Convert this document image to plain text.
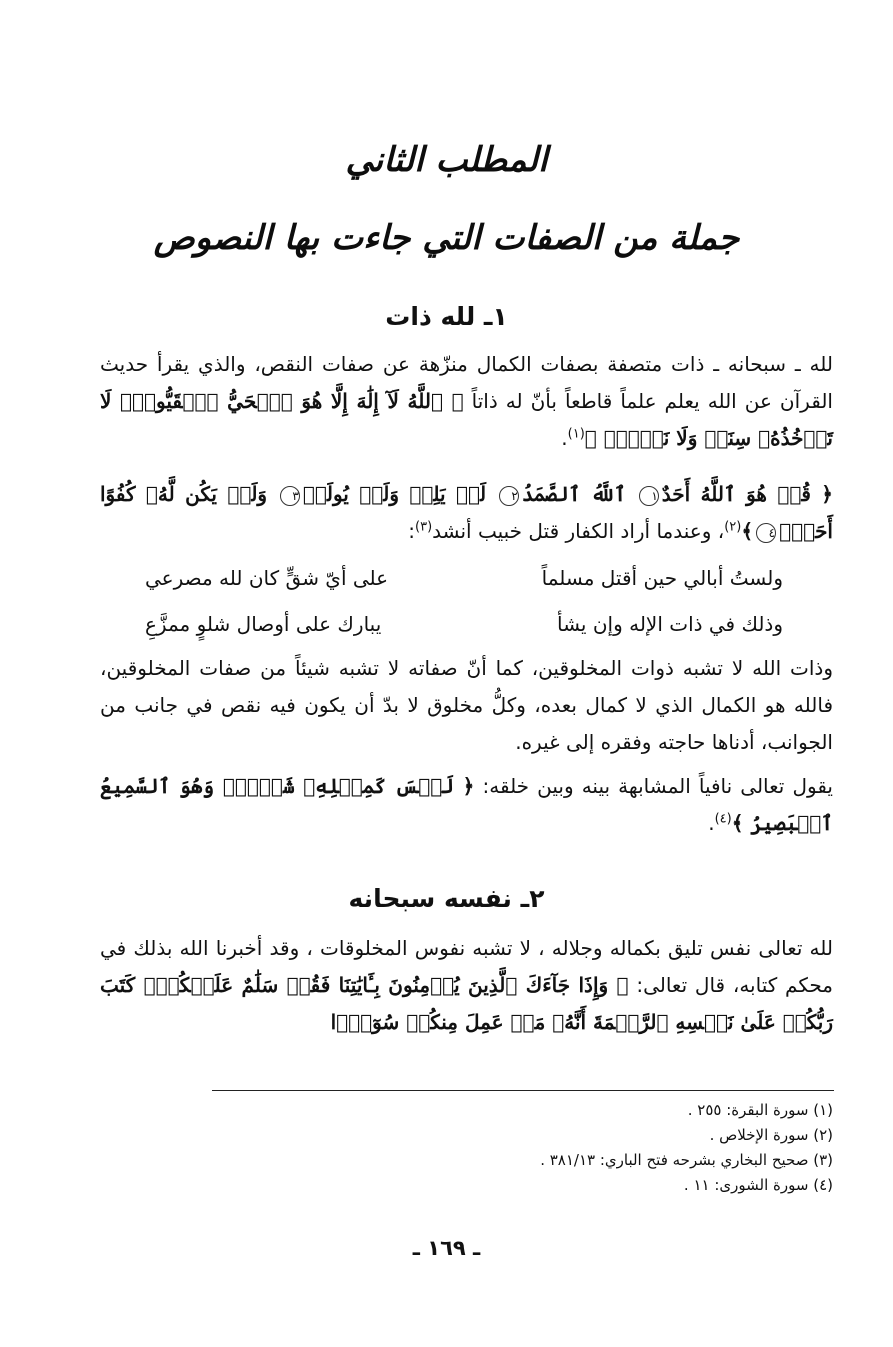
المطلب الثاني
جملة من الصفات التي جاءت بها النصوص
١ـ لله ذات
لله ـ سبحانه ـ ذات متصفة بصفات الكمال منزّهة عن صفات النقص، والذي يقرأ حديث القرآن عن الله يعلم علماً قاطعاً بأنّ له ذاتاً ﴿ ٱللَّهُ لَآ إِلَٰهَ إِلَّا هُوَ ٱلۡحَيُّ ٱلۡقَيُّومُۚ لَا تَأۡخُذُهُۥ سِنَةٞ وَلَا نَوۡمٞۚ ﴾$^{(١)}$.
﴿ قُلۡ هُوَ ٱللَّهُ أَحَدٌ١ ٱللَّهُ ٱلصَّمَدُ٢ لَمۡ يَلِدۡ وَلَمۡ يُولَدۡ٣ وَلَمۡ يَكُن لَّهُۥ كُفُوًا أَحَدُۢ٤﴾$^{(٢)}$، وعندما أراد الكفار قتل خبيب أنشد$^{(٣)}$:
ولستُ أبالي حين أقتل مسلماً
على أيّ شقٍّ كان لله مصرعي
وذلك في ذات الإله وإن يشأ
يبارك على أوصال شلوٍ ممزَّعِ
وذات الله لا تشبه ذوات المخلوقين، كما أنّ صفاته لا تشبه شيئاً من صفات المخلوقين، فالله هو الكمال الذي لا كمال بعده، وكلُّ مخلوق لا بدّ أن يكون فيه نقص في جانب من الجوانب، أدناها حاجته وفقره إلى غيره.
يقول تعالى نافياً المشابهة بينه وبين خلقه: ﴿ لَيۡسَ كَمِثۡلِهِۦ شَيۡءٞۖ وَهُوَ ٱلسَّمِيعُ ٱلۡبَصِيرُ ﴾$^{(٤)}$.
٢ـ نفسه سبحانه
لله تعالى نفس تليق بكماله وجلاله ، لا تشبه نفوس المخلوقات ، وقد أخبرنا الله بذلك في محكم كتابه، قال تعالى: ﴿ وَإِذَا جَآءَكَ ٱلَّذِينَ يُؤۡمِنُونَ بِـَٔايَٰتِنَا فَقُلۡ سَلَٰمٌ عَلَيۡكُمۡۖ كَتَبَ رَبُّكُمۡ عَلَىٰ نَفۡسِهِ ٱلرَّحۡمَةَ أَنَّهُۥ مَنۡ عَمِلَ مِنكُمۡ سُوٓءَۢا
(١) سورة البقرة: ٢٥٥ .
(٢) سورة الإخلاص .
(٣) صحيح البخاري بشرحه فتح الباري: ٣٨١/١٣ .
(٤) سورة الشورى: ١١ .
ـ ١٦٩ ـ
